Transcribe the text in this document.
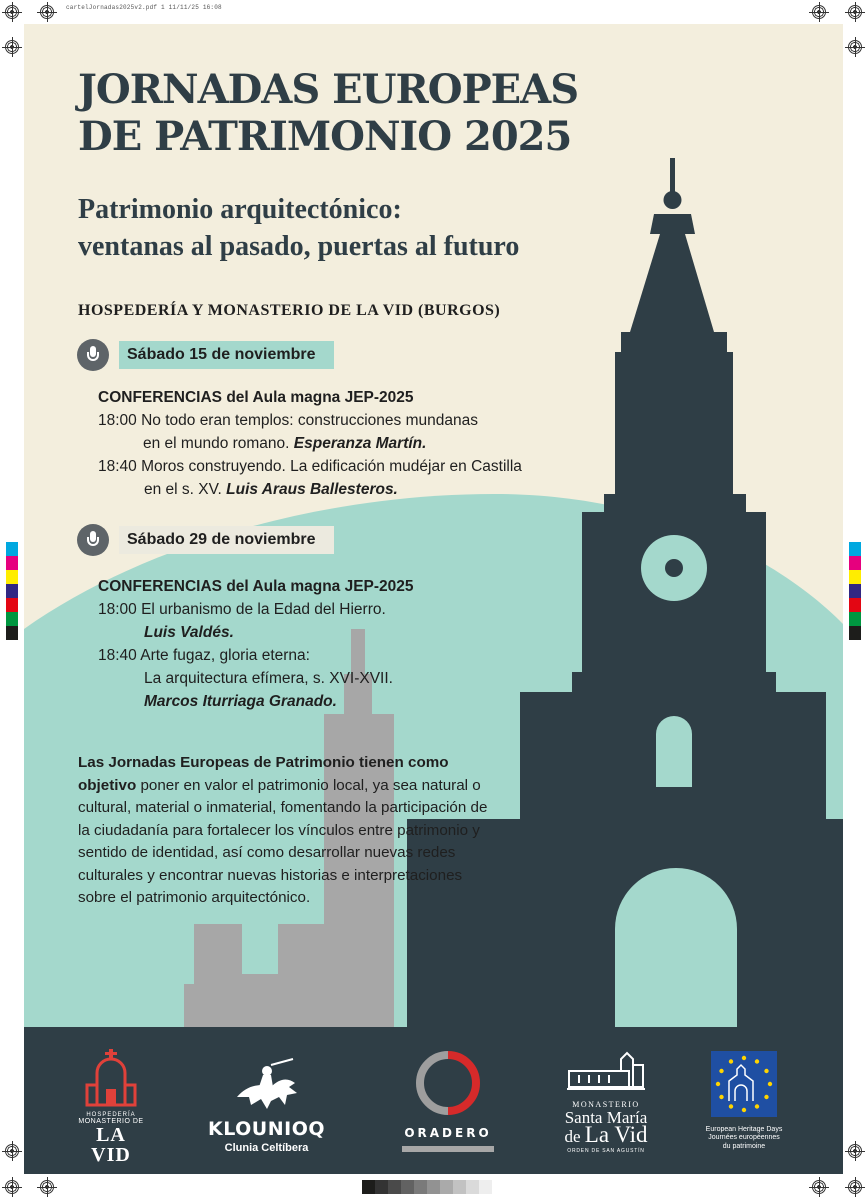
cartelJornadas2025v2.pdf 1 11/11/25 16:08
JORNADAS EUROPEAS
DE PATRIMONIO 2025
Patrimonio arquitectónico:
ventanas al pasado, puertas al futuro
HOSPEDERÍA Y MONASTERIO DE LA VID (BURGOS)
Sábado 15 de noviembre
CONFERENCIAS del Aula magna JEP-2025
18:00 No todo eran templos: construcciones mundanas
en el mundo romano. Esperanza Martín.
18:40 Moros construyendo. La edificación mudéjar en Castilla
en el s. XV. Luis Araus Ballesteros.
Sábado 29 de noviembre
CONFERENCIAS del Aula magna JEP-2025
18:00 El urbanismo de la Edad del Hierro.
Luis Valdés.
18:40 Arte fugaz, gloria eterna:
La arquitectura efímera, s. XVI-XVII.
Marcos Iturriaga Granado.
Las Jornadas Europeas de Patrimonio tienen como objetivo poner en valor el patrimonio local, ya sea natural o cultural, material o inmaterial, fomentando la participación de la ciudadanía para fortalecer los vínculos entre patrimonio y sentido de identidad, así como desarrollar nuevas redes culturales y encontrar nuevas historias e interpretaciones sobre el patrimonio arquitectónico.
HOSPEDERÍA
MONASTERIO DE
LA VID
KLOUNIOQ
Clunia Celtíbera
ORADERO
MONASTERIO
Santa María
de La Vid
ORDEN DE SAN AGUSTÍN
European Heritage Days
Journées européennes
du patrimoine
